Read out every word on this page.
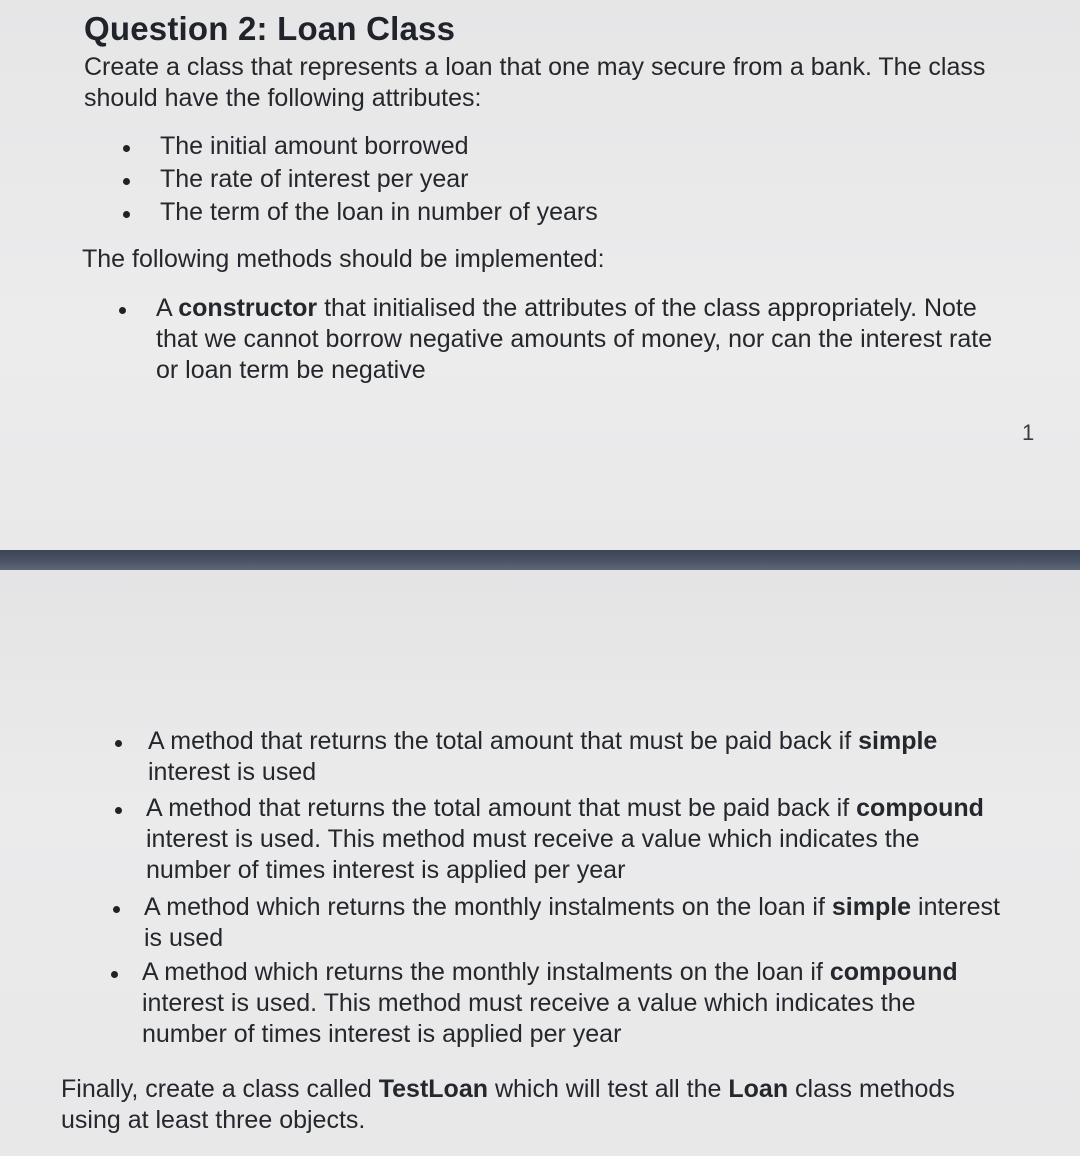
Question 2: Loan Class

Create a class that represents a loan that one may secure from a bank. The class
should have the following attributes:

The initial amount borrowed
The rate of interest per year
The term of the loan in number of years

The following methods should be implemented:

A constructor that initialised the attributes of the class appropriately. Note
that we cannot borrow negative amounts of money, nor can the interest rate
or loan term be negative

1

A method that returns the total amount that must be paid back if simple
interest is used
A method that returns the total amount that must be paid back if compound
interest is used. This method must receive a value which indicates the
number of times interest is applied per year
A method which returns the monthly instalments on the loan if simple interest
is used
A method which returns the monthly instalments on the loan if compound
interest is used. This method must receive a value which indicates the
number of times interest is applied per year

Finally, create a class called TestLoan which will test all the Loan class methods
using at least three objects.
